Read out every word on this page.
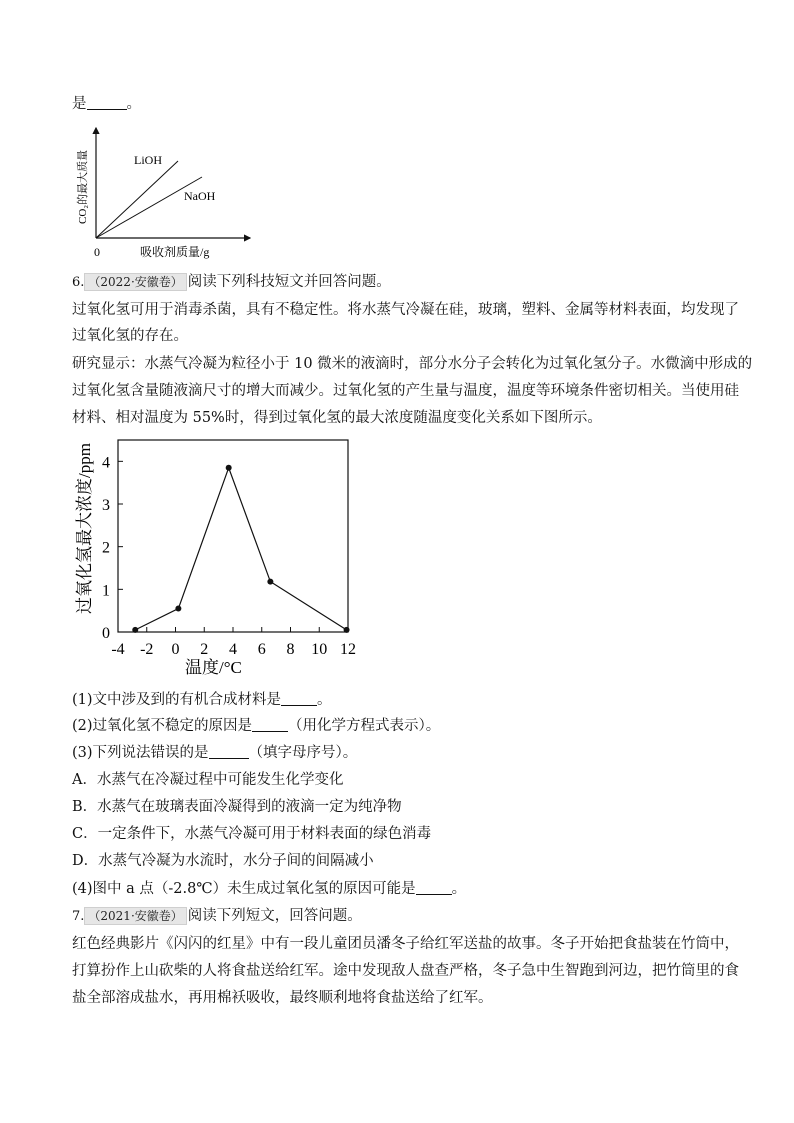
是	。
LiOH
NaOH
0	吸收剂质量/g
CO₂的最大质量
6. （2022·安徽卷） 阅读下列科技短文并回答问题。
过氧化氢可用于消毒杀菌，具有不稳定性。将水蒸气冷凝在硅，玻璃，塑料、金属等材料表面，均发现了
过氧化氢的存在。
研究显示：水蒸气冷凝为粒径小于 10 微米的液滴时，部分水分子会转化为过氧化氢分子。水微滴中形成的
过氧化氢含量随液滴尺寸的增大而减少。过氧化氢的产生量与温度，温度等环境条件密切相关。当使用硅
材料、相对温度为 55%时，得到过氧化氢的最大浓度随温度变化关系如下图所示。
-4 -2 0 2 4 6 8 10 12
0
1
2
3
4
温度/°C
过氧化氢最大浓度/ppm
(1)文中涉及到的有机合成材料是 。
(2)过氧化氢不稳定的原因是 （用化学方程式表示）。
(3)下列说法错误的是	（填字母序号）。
A．水蒸气在冷凝过程中可能发生化学变化
B．水蒸气在玻璃表面冷凝得到的液滴一定为纯净物
C．一定条件下，水蒸气冷凝可用于材料表面的绿色消毒
D．水蒸气冷凝为水流时，水分子间的间隔减小
(4)图中 a 点（-2.8℃）未生成过氧化氢的原因可能是 。
7. （2021·安徽卷） 阅读下列短文，回答问题。
红色经典影片《闪闪的红星》中有一段儿童团员潘冬子给红军送盐的故事。冬子开始把食盐装在竹筒中，
打算扮作上山砍柴的人将食盐送给红军。途中发现敌人盘查严格，冬子急中生智跑到河边，把竹筒里的食
盐全部溶成盐水，再用棉袄吸收，最终顺利地将食盐送给了红军。
